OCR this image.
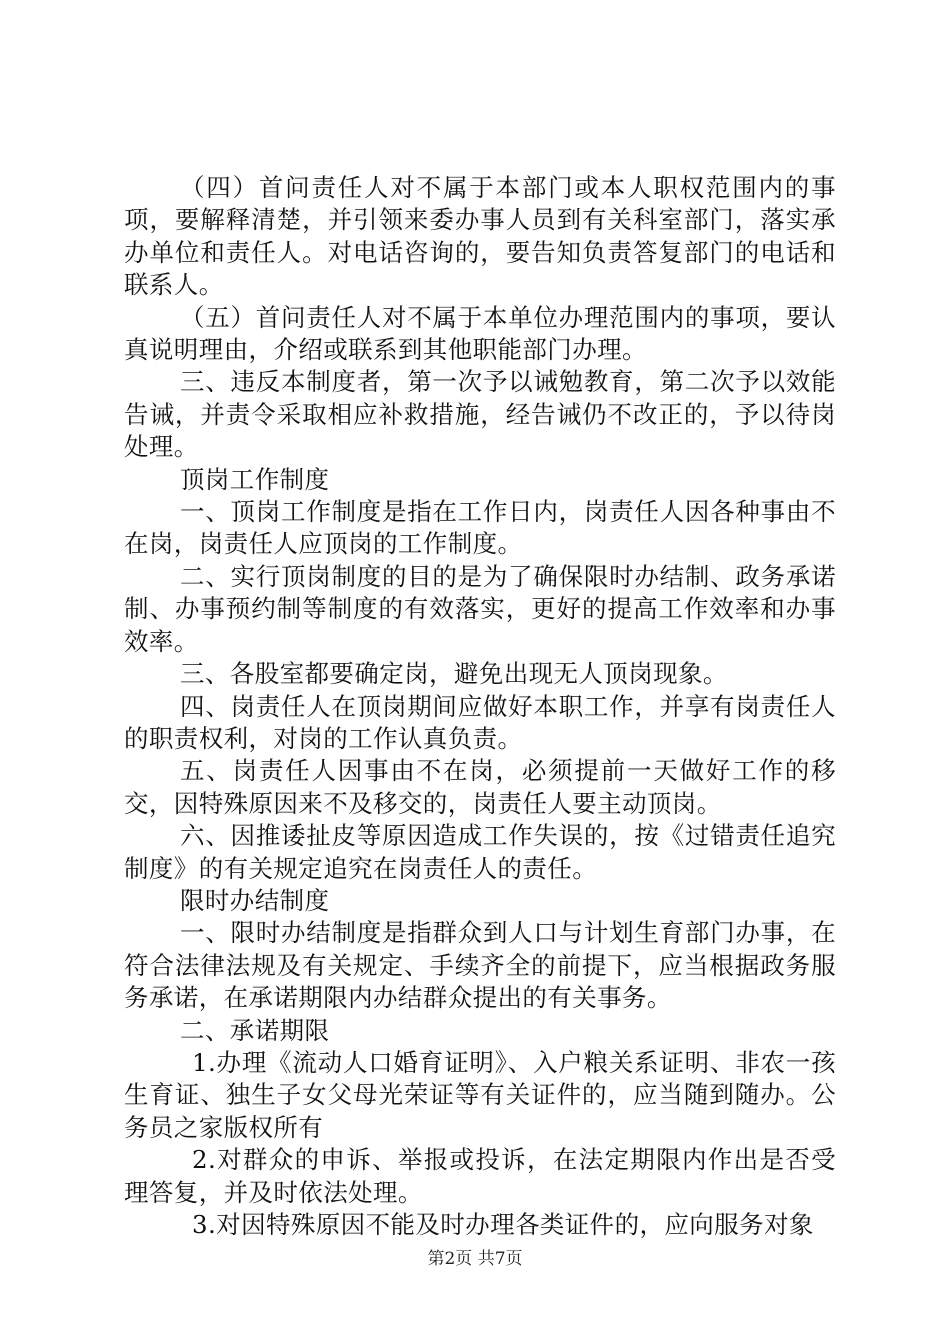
（四）首问责任人对不属于本部门或本人职权范围内的事项，要解释清楚，并引领来委办事人员到有关科室部门，落实承办单位和责任人。对电话咨询的，要告知负责答复部门的电话和联系人。

（五）首问责任人对不属于本单位办理范围内的事项，要认真说明理由，介绍或联系到其他职能部门办理。

三、违反本制度者，第一次予以诫勉教育，第二次予以效能告诫，并责令采取相应补救措施，经告诫仍不改正的，予以待岗处理。

顶岗工作制度

一、顶岗工作制度是指在工作日内，岗责任人因各种事由不在岗，岗责任人应顶岗的工作制度。

二、实行顶岗制度的目的是为了确保限时办结制、政务承诺制、办事预约制等制度的有效落实，更好的提高工作效率和办事效率。

三、各股室都要确定岗，避免出现无人顶岗现象。

四、岗责任人在顶岗期间应做好本职工作，并享有岗责任人的职责权利，对岗的工作认真负责。

五、岗责任人因事由不在岗，必须提前一天做好工作的移交，因特殊原因来不及移交的，岗责任人要主动顶岗。

六、因推诿扯皮等原因造成工作失误的，按《过错责任追究制度》的有关规定追究在岗责任人的责任。

限时办结制度

一、限时办结制度是指群众到人口与计划生育部门办事，在符合法律法规及有关规定、手续齐全的前提下，应当根据政务服务承诺，在承诺期限内办结群众提出的有关事务。

二、承诺期限

1.办理《流动人口婚育证明》、入户粮关系证明、非农一孩生育证、独生子女父母光荣证等有关证件的，应当随到随办。公务员之家版权所有

2.对群众的申诉、举报或投诉，在法定期限内作出是否受理答复，并及时依法处理。

3.对因特殊原因不能及时办理各类证件的，应向服务对象

第2页 共7页
